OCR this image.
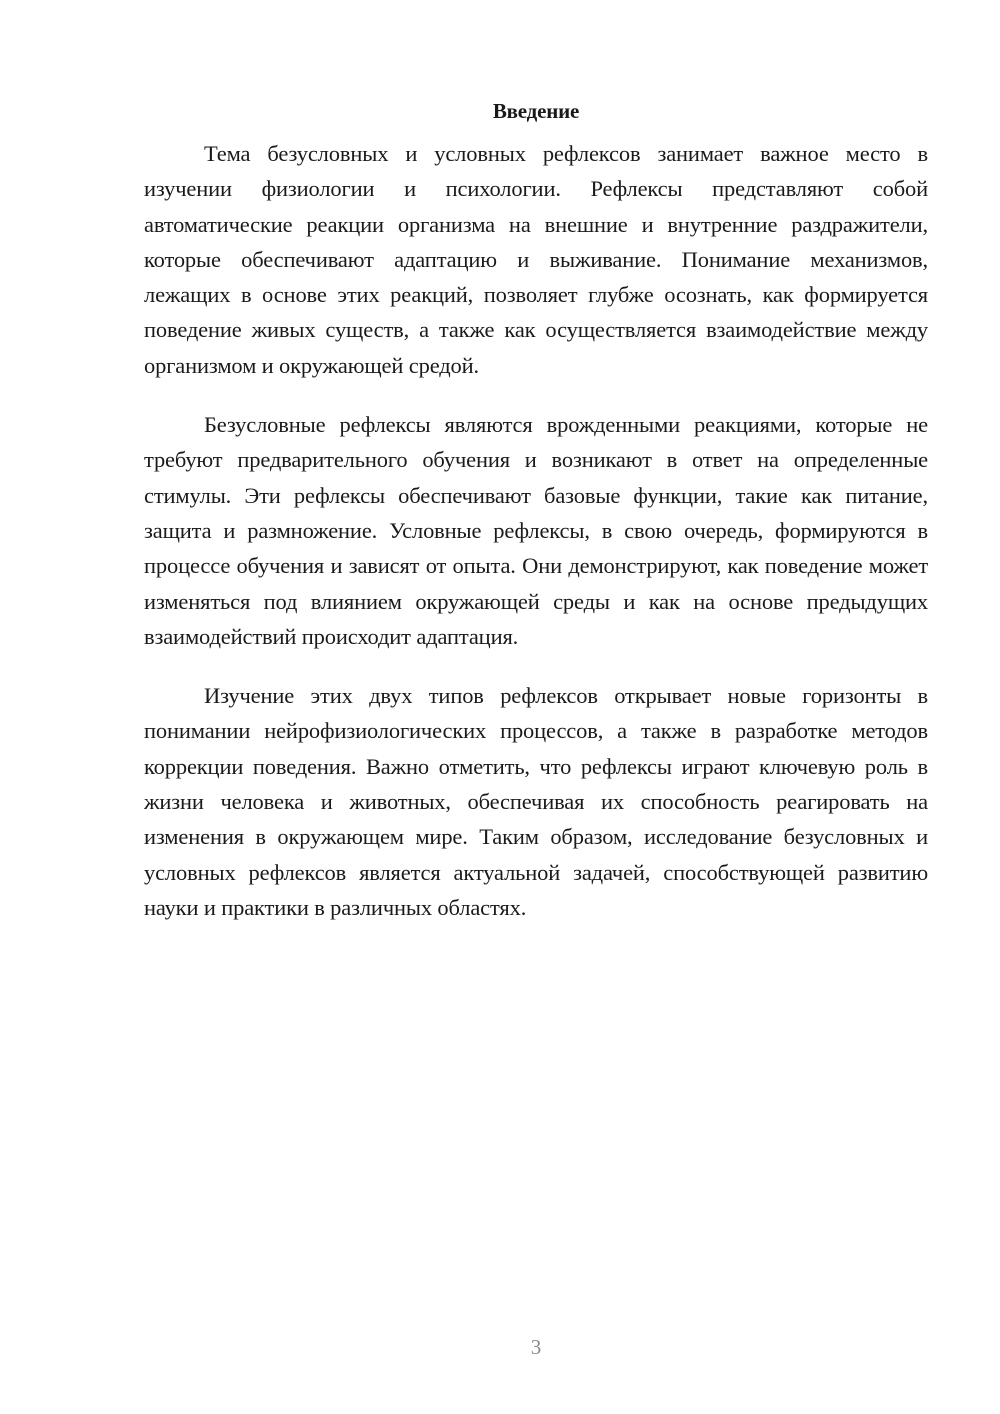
Введение

Тема безусловных и условных рефлексов занимает важное место в изучении физиологии и психологии. Рефлексы представляют собой автоматические реакции организма на внешние и внутренние раздражители, которые обеспечивают адаптацию и выживание. Понимание механизмов, лежащих в основе этих реакций, позволяет глубже осознать, как формируется поведение живых существ, а также как осуществляется взаимодействие между организмом и окружающей средой.

Безусловные рефлексы являются врожденными реакциями, которые не требуют предварительного обучения и возникают в ответ на определенные стимулы. Эти рефлексы обеспечивают базовые функции, такие как питание, защита и размножение. Условные рефлексы, в свою очередь, формируются в процессе обучения и зависят от опыта. Они демонстрируют, как поведение может изменяться под влиянием окружающей среды и как на основе предыдущих взаимодействий происходит адаптация.

Изучение этих двух типов рефлексов открывает новые горизонты в понимании нейрофизиологических процессов, а также в разработке методов коррекции поведения. Важно отметить, что рефлексы играют ключевую роль в жизни человека и животных, обеспечивая их способность реагировать на изменения в окружающем мире. Таким образом, исследование безусловных и условных рефлексов является актуальной задачей, способствующей развитию науки и практики в различных областях.

3
